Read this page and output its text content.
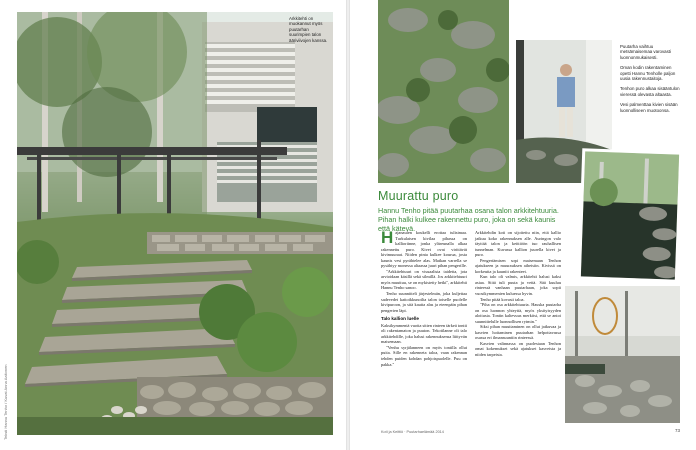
Teksti Hannu Tenho / Kuvat Anna Aaltonen
Arkkitehti on muokannut myös puutarhan suurimpien talon ääriviivojen kanssa.

Puutarha vaihtuu metsämaisemaa varovasti luonnonmukaisesti.

Oman kodin rakentaminen opetti Hannu Tenholle paljon uusia rakennustaitoja.

Tenhon puro alkaa sisääntulon vieressä olevasta altaasta.

Vesi palmenttaa kivien sisään luonnolliseen muotoonsa.

Muurattu puro

Hannu Tenho pitää puutarhaa osana talon arkkitehtuuria. Pihan halki kulkee rakennettu puro, joka on sekä kaunis että kätevä.

Hajanaulen koukelli erottaa tulisimaa. Turkulaisen kivilaa pihassa on kallioriinne, jonka yläreunalla alkaa rakennettu puro. Kivet ovat virittävät kivimuuraat. Niiden pinta kulkee kourua, josta kaunis vesi pyrähtelee alas. Matkan varrella se pysähtyy monessa altaassa juuri pihan pengerille.

"Arkkitehtuuri on visuaalista taidetta, jota arvioidaan käsillä sekä silmillä. Jos arkkitehtuuri myös muuttuu, se on mykistetty hetki", arkkitehti Hannu Tenho sanoo.

Tenho suunnitteli järjestelmän, joka kuljettaa sadevedet kattoikkunoilta talon toiselle puolelle kivipuroon, ja sitä kautta alas ja eteenpäin pihan pengerien läpi.

Talo kallion luelle

Kaksikymmentä vuotta sitten rinteen tärkeä tontti oli rakentamaton ja puuton. Tekotilanne oli talo arkkitehdille, joka halusi rakennuksensa liittyvän maisemaan.

"Venhu syrjälanneen on myös tontilla ollut puita. Sille en rakenneta taloa, vaan rakennan tehden puiden kohdan pohjoispuolelle. Puu on pakka."

Arkkitehdin koti on sijoitettu niin, että kallio jatkuu koko rakennuksen alle. Auringon valo täyttää talon ja keittiöön tuo rauhallisen tunnelman. Kuvassa kallion juurella kivet ja puro.

Pengertämisen sopi maisemaan Tenhon ajatukseen ja muurauksen aiheisiin. Kivissä on korkeutta ja kauniit rakenteet.

Kun talo oli valmis, arkkitehti halusi kaksi asiaa. Siitä tuli puuta ja vettä. Sää kuuluu rinteessä vanhaan puutarhaan, joka sopii vuosikymmenien kuluessa hyvin.

Tenho pitää kovasti taloa.

"Piha on osa arkkitehtuuria. Hauska puutarha on osa luonnon yhteyttä, myös yksityisyyden aloitusta. Tontin kaltevuus merkitsi, että se antoi suunnittelulle luonnollisen rytmin."

Siksi pihan muuttaminen on ollut jatkuvaa ja kasvien hoitaminen puutarhan helpottavassa osassa eri ilmansuuntiin rinteessä.

Kasvien valinnassa on puolestaan Tenhon omat kokemukset sekä ajatukset kasveista ja niiden tarpeista.

Koti ja Keittiö · Puutarhaelämää 2014	73
